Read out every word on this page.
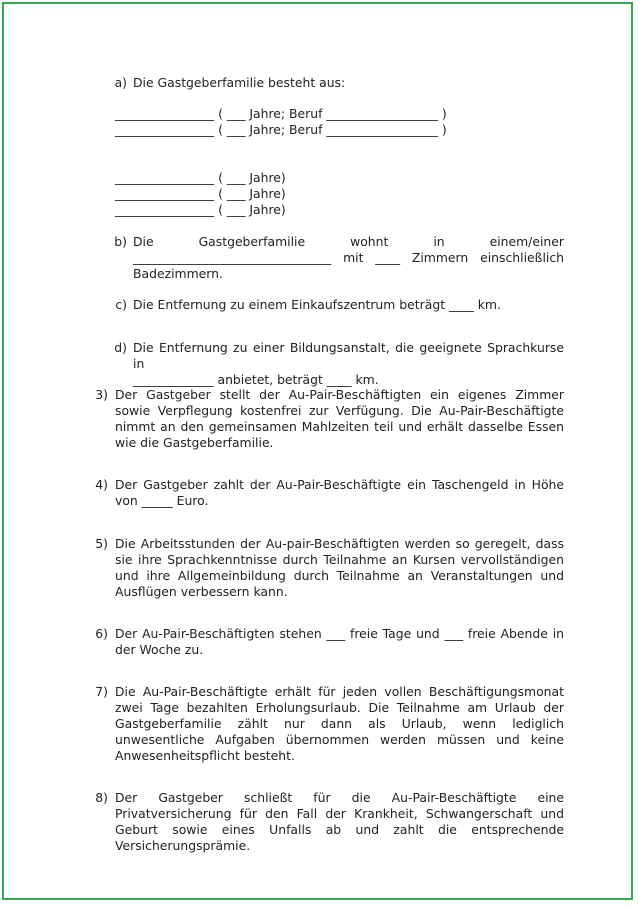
a) Die Gastgeberfamilie besteht aus:
________________ ( ___ Jahre; Beruf __________________ )
________________ ( ___ Jahre; Beruf __________________ )
________________ ( ___ Jahre)
________________ ( ___ Jahre)
________________ ( ___ Jahre)
b) Die Gastgeberfamilie wohnt in einem/einer
________________________________ mit ____ Zimmern einschließlich
Badezimmern.
c) Die Entfernung zu einem Einkaufszentrum beträgt ____ km.
d) Die Entfernung zu einer Bildungsanstalt, die geeignete Sprachkurse in
_____________ anbietet, beträgt ____ km.
3) Der Gastgeber stellt der Au-Pair-Beschäftigten ein eigenes Zimmer sowie Verpflegung kostenfrei zur Verfügung. Die Au-Pair-Beschäftigte nimmt an den gemeinsamen Mahlzeiten teil und erhält dasselbe Essen wie die Gastgeberfamilie.
4) Der Gastgeber zahlt der Au-Pair-Beschäftigte ein Taschengeld in Höhe von _____ Euro.
5) Die Arbeitsstunden der Au-pair-Beschäftigten werden so geregelt, dass sie ihre Sprachkenntnisse durch Teilnahme an Kursen vervollständigen und ihre Allgemeinbildung durch Teilnahme an Veranstaltungen und Ausflügen verbessern kann.
6) Der Au-Pair-Beschäftigten stehen ___ freie Tage und ___ freie Abende in der Woche zu.
7) Die Au-Pair-Beschäftigte erhält für jeden vollen Beschäftigungsmonat zwei Tage bezahlten Erholungsurlaub. Die Teilnahme am Urlaub der Gastgeberfamilie zählt nur dann als Urlaub, wenn lediglich unwesentliche Aufgaben übernommen werden müssen und keine Anwesenheitspflicht besteht.
8) Der Gastgeber schließt für die Au-Pair-Beschäftigte eine Privatversicherung für den Fall der Krankheit, Schwangerschaft und Geburt sowie eines Unfalls ab und zahlt die entsprechende Versicherungsprämie.
